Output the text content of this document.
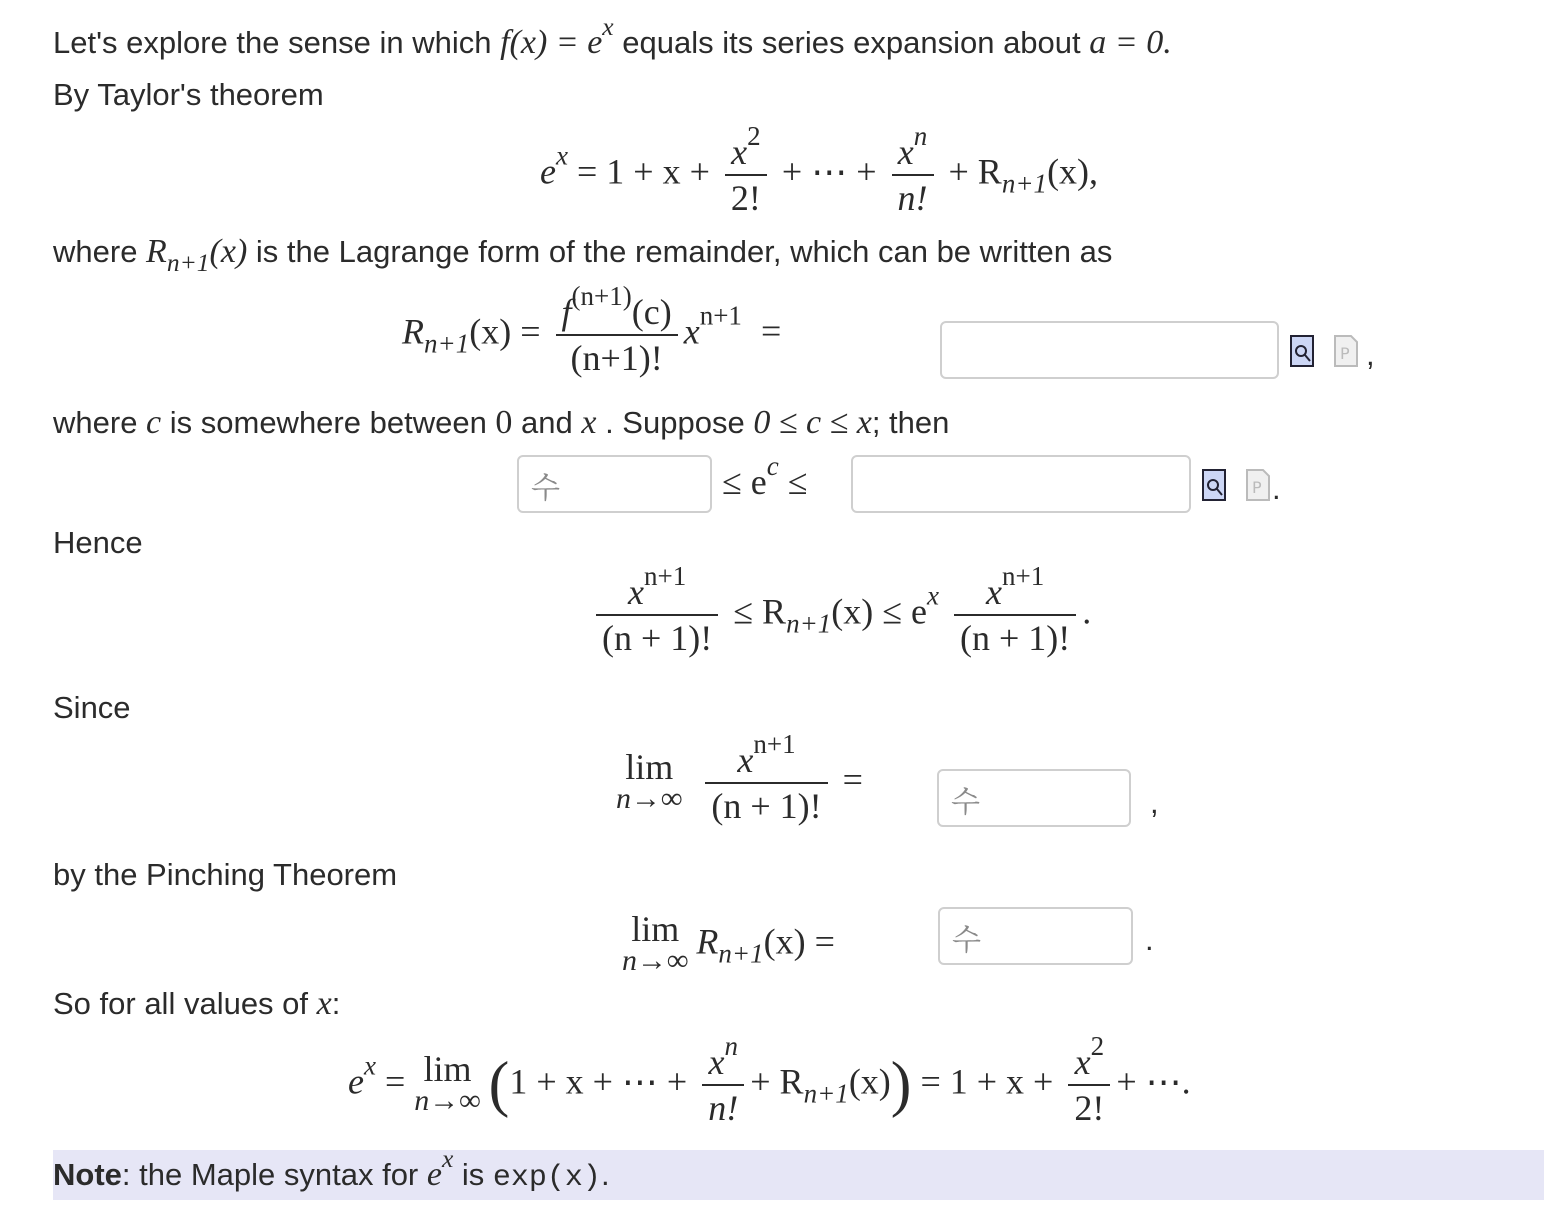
Let's explore the sense in which $f(x) = e^x$ equals its series expansion about a = 0.
By Taylor's theorem
$e^x = 1 + x + \frac{x^2}{2!}$ + ⋯ + $\frac{x^n}{n!} + R_{n+1}(x)$,
where $R_{n+1}(x)$ is the Lagrange form of the remainder, which can be written as
$R_{n+1}(x) = \frac{f^{(n+1)}(c)}{(n+1)!} x^{n+1}$ =
P ,
where c is somewhere between 0 and x . Suppose 0 ≤ c ≤ x; then
수	≤ $e^c$ ≤	P .
Hence
$\frac{x^{n+1}}{(n + 1)!} \le R_{n+1}(x) \le e^x \frac{x^{n+1}}{(n + 1)!}$ .
Since
lim
n→∞
$\frac{x^{n+1}}{(n + 1)!}$ =
수	,
by the Pinching Theorem
lim
n→∞ $R_{n+1}(x)$ =	수	.
So for all values of x:
$e^x = \lim$
n→∞ (1 + x + ⋯ + $\frac{x^n}{n!} + R_{n+1}(x)) = 1 + x + \frac{x^2}{2!}$ + ⋯.
Note: the Maple syntax for $e^x$ is exp(x).
